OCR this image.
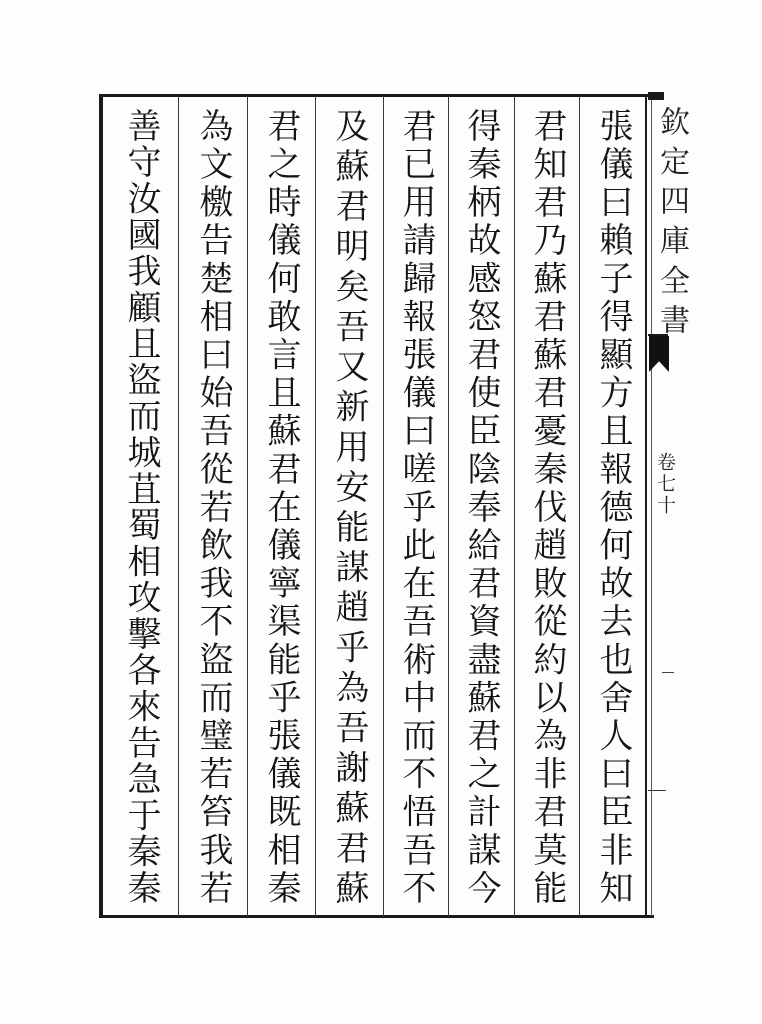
張儀曰賴子得顯方且報德何故去也舍人曰臣非知
君知君乃蘇君蘇君憂秦伐趙敗從約以為非君莫能
得秦柄故感怒君使臣陰奉給君資盡蘇君之計謀今
君已用請歸報張儀曰嗟乎此在吾術中而不悟吾不
及蘇君明矣吾又新用安能謀趙乎為吾謝蘇君蘇
君之時儀何敢言且蘇君在儀寧渠能乎張儀既相秦
為文檄告楚相曰始吾從若飲我不盜而璧若笞我若
善守汝國我顧且盜而城苴蜀相攻擊各來告急于秦秦	欽定四庫全書
卷七十
